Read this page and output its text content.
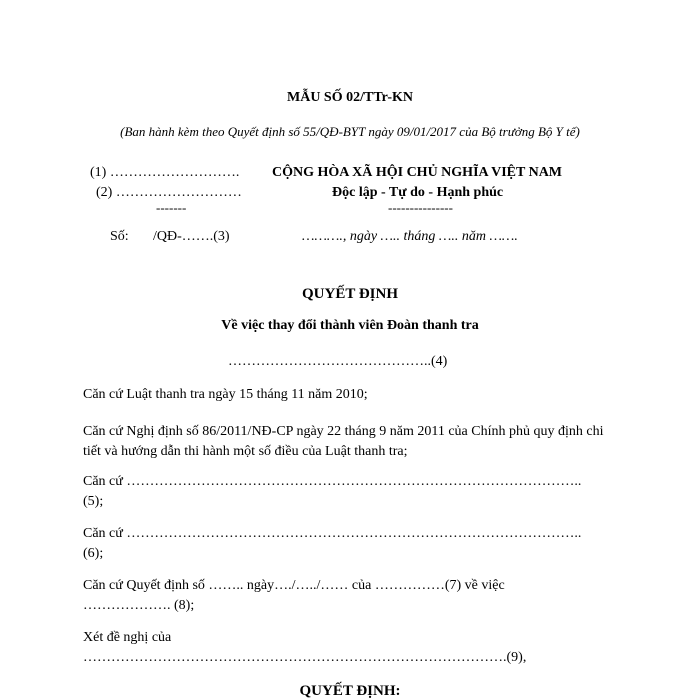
MẪU SỐ 02/TTr-KN
(Ban hành kèm theo Quyết định số 55/QĐ-BYT ngày 09/01/2017 của Bộ trưởng Bộ Y tế)
(1) ……………………….
(2) ………………………
-------
CỘNG HÒA XÃ HỘI CHỦ NGHĨA VIỆT NAM
Độc lập - Tự do - Hạnh phúc
---------------
Số: /QĐ-…….(3)	………., ngày ….. tháng ….. năm …….
QUYẾT ĐỊNH
Về việc thay đổi thành viên Đoàn thanh tra
……………………………………..(4)
Căn cứ Luật thanh tra ngày 15 tháng 11 năm 2010;

Căn cứ Nghị định số 86/2011/NĐ-CP ngày 22 tháng 9 năm 2011 của Chính phủ quy định chi tiết và hướng dẫn thi hành một số điều của Luật thanh tra;

Căn cứ ……………………………………………………………………………………..
(5);
Căn cứ ……………………………………………………………………………………..
(6);
Căn cứ Quyết định số …….. ngày…./…../…… của ……………(7) về việc
………………. (8);
Xét đề nghị của
……………………………………………………………………………….(9),
QUYẾT ĐỊNH:
